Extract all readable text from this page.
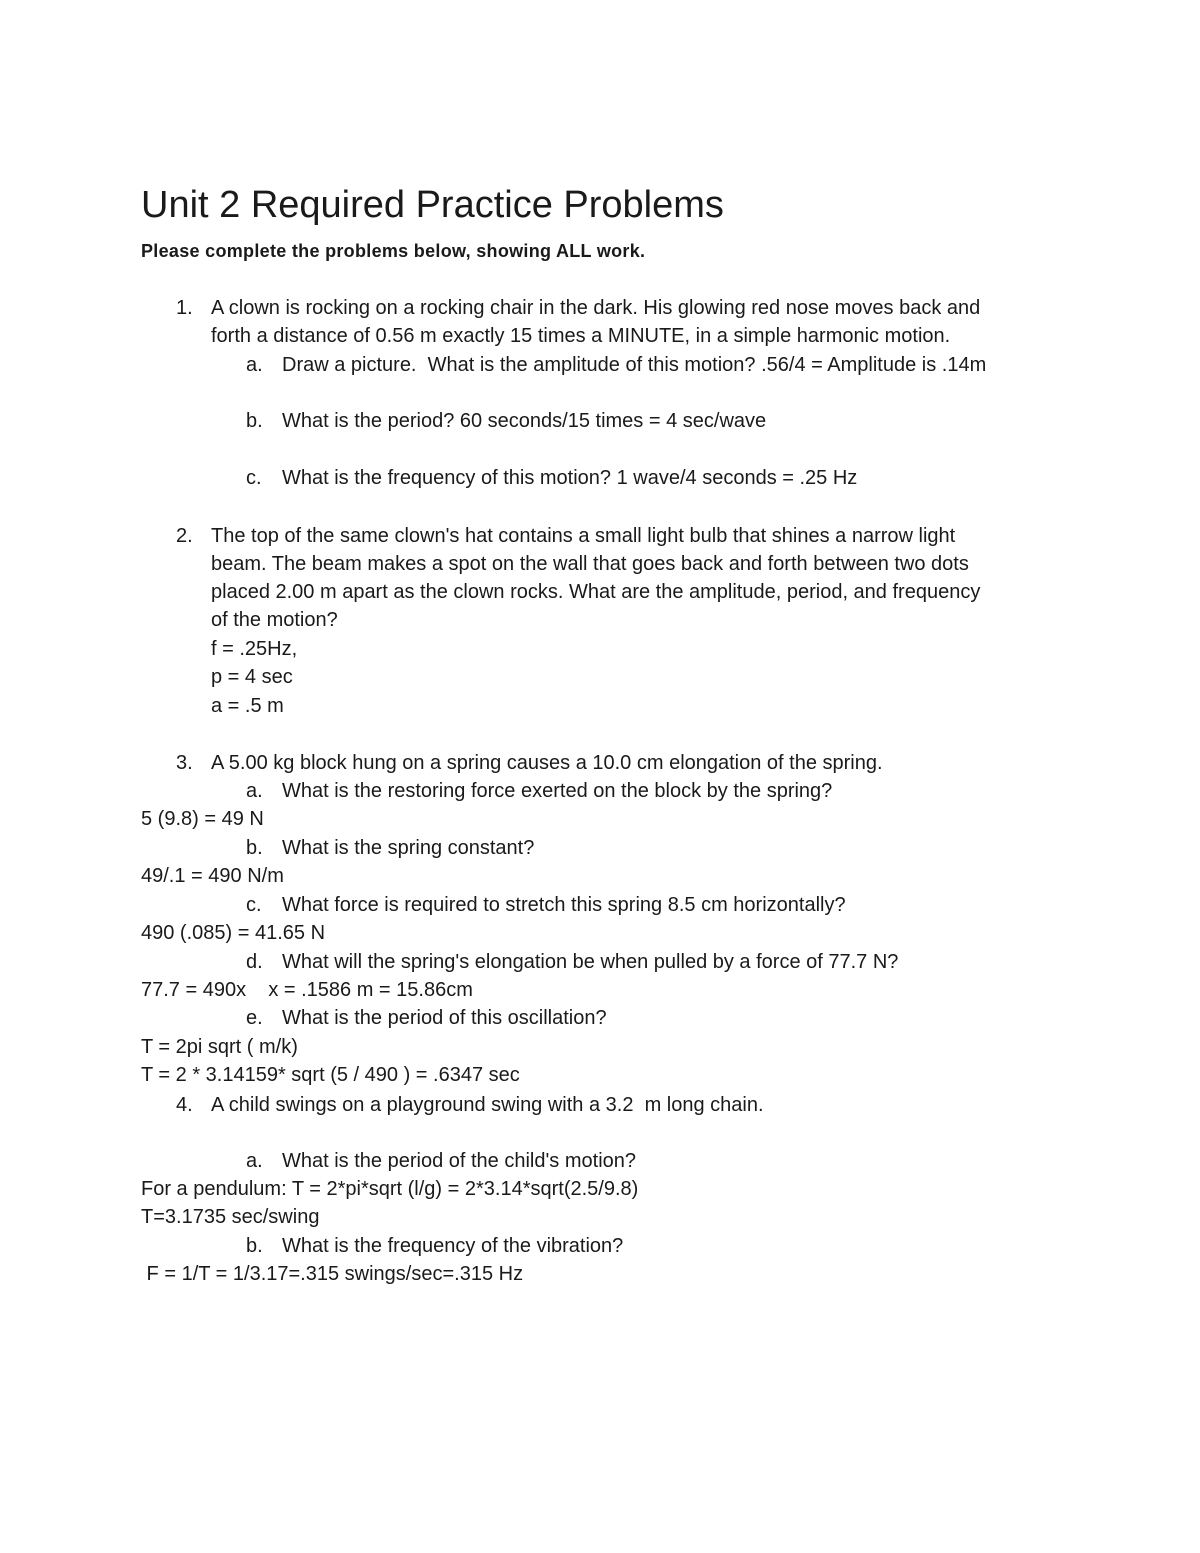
Unit 2 Required Practice Problems

Please complete the problems below, showing ALL work.

1. A clown is rocking on a rocking chair in the dark. His glowing red nose moves back and
forth a distance of 0.56 m exactly 15 times a MINUTE, in a simple harmonic motion.
a. Draw a picture.  What is the amplitude of this motion? .56/4 = Amplitude is .14m
b. What is the period? 60 seconds/15 times = 4 sec/wave
c. What is the frequency of this motion? 1 wave/4 seconds = .25 Hz
2. The top of the same clown's hat contains a small light bulb that shines a narrow light
beam. The beam makes a spot on the wall that goes back and forth between two dots
placed 2.00 m apart as the clown rocks. What are the amplitude, period, and frequency
of the motion?
f = .25Hz,
p = 4 sec
a = .5 m
3. A 5.00 kg block hung on a spring causes a 10.0 cm elongation of the spring.
a. What is the restoring force exerted on the block by the spring?
5 (9.8) = 49 N
b. What is the spring constant?
49/.1 = 490 N/m
c. What force is required to stretch this spring 8.5 cm horizontally?
490 (.085) = 41.65 N
d. What will the spring's elongation be when pulled by a force of 77.7 N?
77.7 = 490x    x = .1586 m = 15.86cm
e. What is the period of this oscillation?
T = 2pi sqrt ( m/k)
T = 2 * 3.14159* sqrt (5 / 490 ) = .6347 sec
4. A child swings on a playground swing with a 3.2  m long chain.
a. What is the period of the child's motion?
For a pendulum: T = 2*pi*sqrt (l/g) = 2*3.14*sqrt(2.5/9.8)
T=3.1735 sec/swing
b. What is the frequency of the vibration?
F = 1/T = 1/3.17=.315 swings/sec=.315 Hz
